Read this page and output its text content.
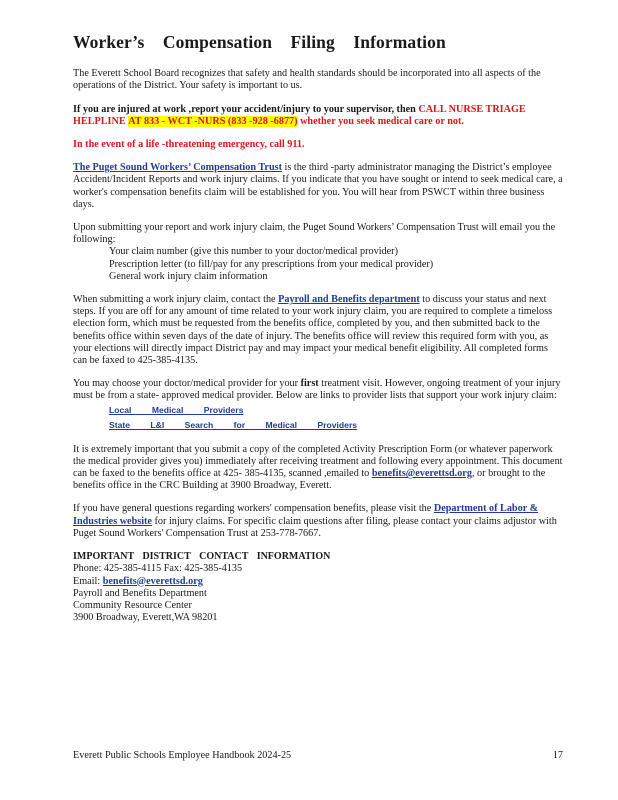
Worker’s Compensation Filing Information

The Everett School Board recognizes that safety and health standards should be incorporated into all aspects of the operations of the District. Your safety is important to us.

If you are injured at work ,report your accident/injury to your supervisor, then CALL NURSE TRIAGE HELPLINE AT 833 - WCT -NURS (833 -928 -6877) whether you seek medical care or not.

In the event of a life -threatening emergency, call 911.

The Puget Sound Workers’ Compensation Trust is the third -party administrator managing the District’s employee Accident/Incident Reports and work injury claims. If you indicate that you have sought or intend to seek medical care, a worker's compensation benefits claim will be established for you. You will hear from PSWCT within three business days.

Upon submitting your report and work injury claim, the Puget Sound Workers’ Compensation Trust will email you the following:

Your claim number (give this number to your doctor/medical provider)
Prescription letter (to fill/pay for any prescriptions from your medical provider)
General work injury claim information

When submitting a work injury claim, contact the Payroll and Benefits department to discuss your status and next steps. If you are off for any amount of time related to your work injury claim, you are required to complete a timeloss election form, which must be requested from the benefits office, completed by you, and then submitted back to the benefits office within seven days of the date of injury. The benefits office will review this required form with you, as your elections will directly impact District pay and may impact your medical benefit eligibility. All completed forms can be faxed to 425-385-4135.

You may choose your doctor/medical provider for your first treatment visit. However, ongoing treatment of your injury must be from a state- approved medical provider. Below are links to provider lists that support your work injury claim:

Local Medical Providers
State L&I Search for Medical Providers

It is extremely important that you submit a copy of the completed Activity Prescription Form (or whatever paperwork the medical provider gives you) immediately after receiving treatment and following every appointment. This document can be faxed to the benefits office at 425- 385-4135, scanned ,emailed to benefits@everettsd.org, or brought to the benefits office in the CRC Building at 3900 Broadway, Everett.

If you have general questions regarding workers' compensation benefits, please visit the Department of Labor & Industries website for injury claims. For specific claim questions after filing, please contact your claims adjustor with Puget Sound Workers' Compensation Trust at 253-778-7667.

IMPORTANT DISTRICT CONTACT INFORMATION
Phone: 425-385-4115 Fax: 425-385-4135
Email: benefits@everettsd.org
Payroll and Benefits Department
Community Resource Center
3900 Broadway, Everett,WA 98201
Everett Public Schools Employee Handbook 2024-25	17
